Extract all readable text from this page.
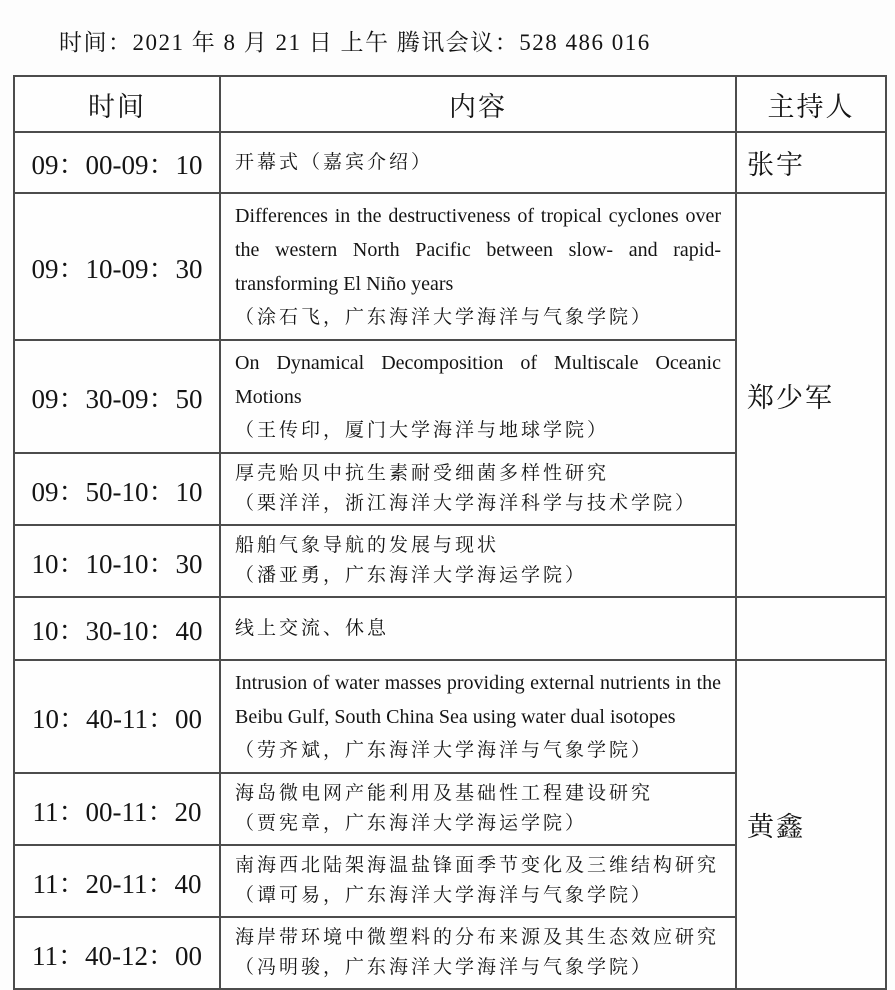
时间：2021 年 8 月 21 日 上午 腾讯会议：528 486 016
时间	内容	主持人
09：00-09：10	开幕式（嘉宾介绍）	张宇
09：10-09：30	Differences in the destructiveness of tropical cyclones over the western North Pacific between slow- and rapid-transforming El Niño years
（涂石飞，广东海洋大学海洋与气象学院）	郑少军
09：30-09：50	On Dynamical Decomposition of Multiscale Oceanic Motions
（王传印，厦门大学海洋与地球学院）	

09：50-10：10	厚壳贻贝中抗生素耐受细菌多样性研究
（栗洋洋，浙江海洋大学海洋科学与技术学院）	

10：10-10：30	船舶气象导航的发展与现状
（潘亚勇，广东海洋大学海运学院）	

10：30-10：40	线上交流、休息	

10：40-11：00	Intrusion of water masses providing external nutrients in the Beibu Gulf, South China Sea using water dual isotopes
（劳齐斌，广东海洋大学海洋与气象学院）	黄鑫
11：00-11：20	海岛微电网产能利用及基础性工程建设研究
（贾宪章，广东海洋大学海运学院）	

11：20-11：40	南海西北陆架海温盐锋面季节变化及三维结构研究
（谭可易，广东海洋大学海洋与气象学院）	

11：40-12：00	海岸带环境中微塑料的分布来源及其生态效应研究
（冯明骏，广东海洋大学海洋与气象学院）	
